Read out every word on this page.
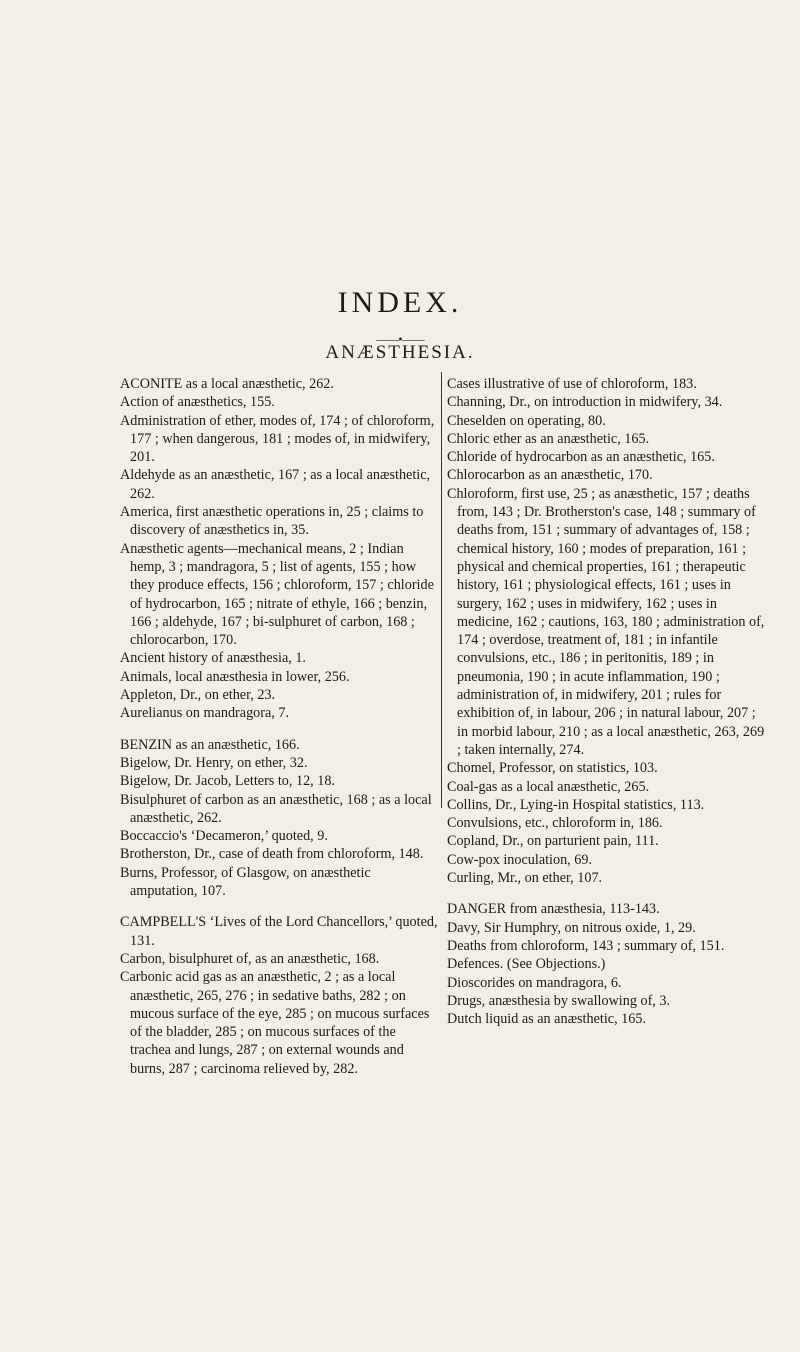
INDEX.
——•——
ANÆSTHESIA.

ACONITE as a local anæsthetic, 262.

Action of anæsthetics, 155.

Administration of ether, modes of, 174 ; of chloroform, 177 ; when dangerous, 181 ; modes of, in midwifery, 201.

Aldehyde as an anæsthetic, 167 ; as a local anæsthetic, 262.

America, first anæsthetic operations in, 25 ; claims to discovery of anæsthetics in, 35.

Anæsthetic agents—mechanical means, 2 ; Indian hemp, 3 ; mandragora, 5 ; list of agents, 155 ; how they produce effects, 156 ; chloroform, 157 ; chloride of hydrocarbon, 165 ; nitrate of ethyle, 166 ; benzin, 166 ; aldehyde, 167 ; bi-sulphuret of carbon, 168 ; chlorocarbon, 170.

Ancient history of anæsthesia, 1.

Animals, local anæsthesia in lower, 256.

Appleton, Dr., on ether, 23.

Aurelianus on mandragora, 7.

BENZIN as an anæsthetic, 166.

Bigelow, Dr. Henry, on ether, 32.

Bigelow, Dr. Jacob, Letters to, 12, 18.

Bisulphuret of carbon as an anæsthetic, 168 ; as a local anæsthetic, 262.

Boccaccio's ‘Decameron,’ quoted, 9.

Brotherston, Dr., case of death from chloroform, 148.

Burns, Professor, of Glasgow, on anæsthetic amputation, 107.

CAMPBELL'S ‘Lives of the Lord Chancellors,’ quoted, 131.

Carbon, bisulphuret of, as an anæsthetic, 168.

Carbonic acid gas as an anæsthetic, 2 ; as a local anæsthetic, 265, 276 ; in sedative baths, 282 ; on mucous surface of the eye, 285 ; on mucous surfaces of the bladder, 285 ; on mucous surfaces of the trachea and lungs, 287 ; on external wounds and burns, 287 ; carcinoma relieved by, 282.

Cases illustrative of use of chloroform, 183.

Channing, Dr., on introduction in midwifery, 34.

Cheselden on operating, 80.

Chloric ether as an anæsthetic, 165.

Chloride of hydrocarbon as an anæsthetic, 165.

Chlorocarbon as an anæsthetic, 170.

Chloroform, first use, 25 ; as anæsthetic, 157 ; deaths from, 143 ; Dr. Brotherston's case, 148 ; summary of deaths from, 151 ; summary of advantages of, 158 ; chemical history, 160 ; modes of preparation, 161 ; physical and chemical properties, 161 ; therapeutic history, 161 ; physiological effects, 161 ; uses in surgery, 162 ; uses in midwifery, 162 ; uses in medicine, 162 ; cautions, 163, 180 ; administration of, 174 ; overdose, treatment of, 181 ; in infantile convulsions, etc., 186 ; in peritonitis, 189 ; in pneumonia, 190 ; in acute inflammation, 190 ; administration of, in midwifery, 201 ; rules for exhibition of, in labour, 206 ; in natural labour, 207 ; in morbid labour, 210 ; as a local anæsthetic, 263, 269 ; taken internally, 274.

Chomel, Professor, on statistics, 103.

Coal-gas as a local anæsthetic, 265.

Collins, Dr., Lying-in Hospital statistics, 113.

Convulsions, etc., chloroform in, 186.

Copland, Dr., on parturient pain, 111.

Cow-pox inoculation, 69.

Curling, Mr., on ether, 107.

DANGER from anæsthesia, 113-143.

Davy, Sir Humphry, on nitrous oxide, 1, 29.

Deaths from chloroform, 143 ; summary of, 151.

Defences. (See Objections.)

Dioscorides on mandragora, 6.

Drugs, anæsthesia by swallowing of, 3.

Dutch liquid as an anæsthetic, 165.
